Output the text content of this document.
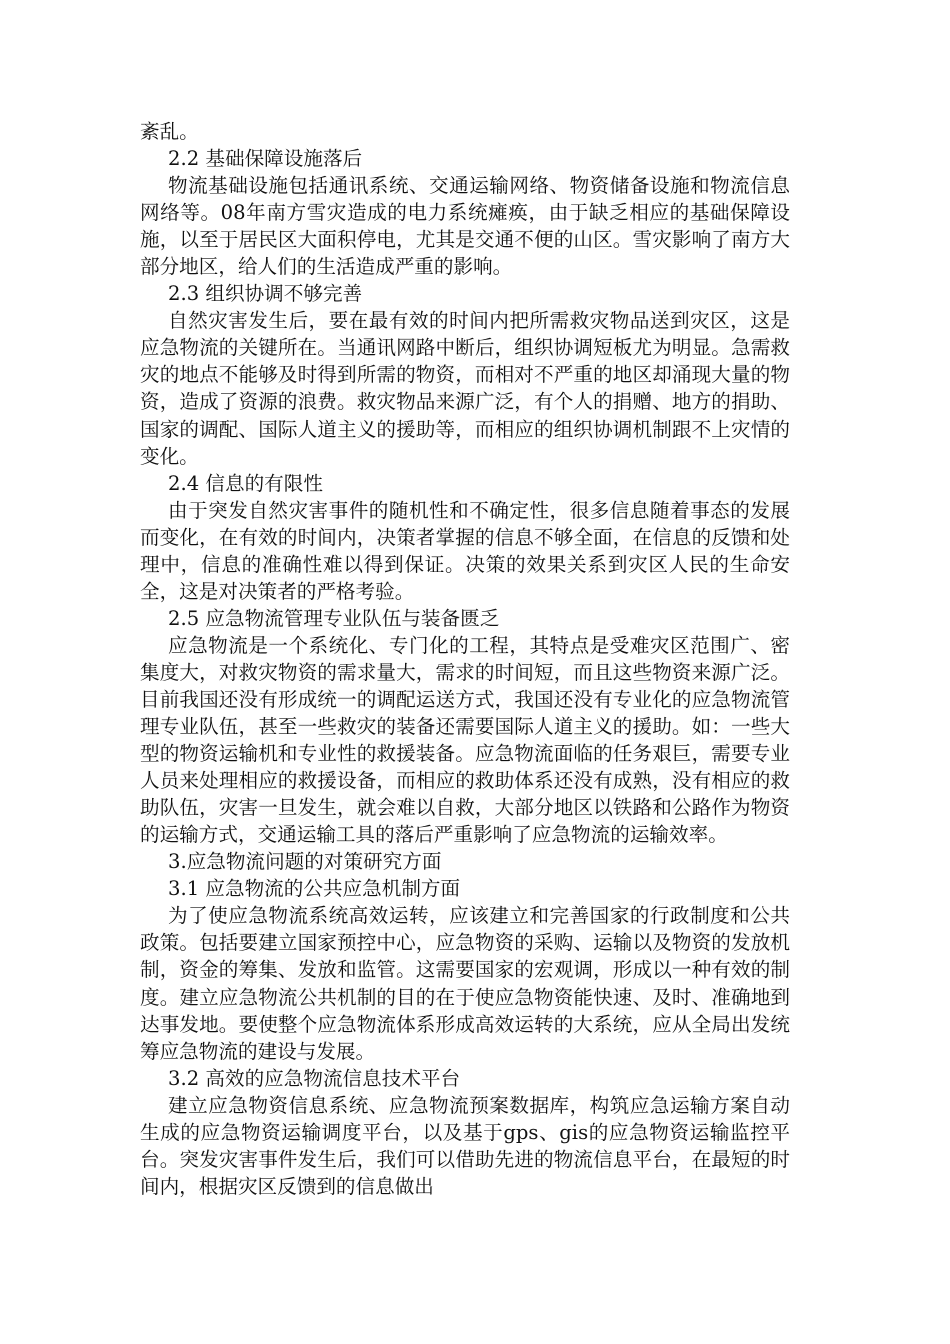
紊乱。

2.2 基础保障设施落后

物流基础设施包括通讯系统、交通运输网络、物资储备设施和物流信息网络等。08年南方雪灾造成的电力系统瘫痪，由于缺乏相应的基础保障设施，以至于居民区大面积停电，尤其是交通不便的山区。雪灾影响了南方大部分地区，给人们的生活造成严重的影响。

2.3 组织协调不够完善

自然灾害发生后，要在最有效的时间内把所需救灾物品送到灾区，这是应急物流的关键所在。当通讯网路中断后，组织协调短板尤为明显。急需救灾的地点不能够及时得到所需的物资，而相对不严重的地区却涌现大量的物资，造成了资源的浪费。救灾物品来源广泛，有个人的捐赠、地方的捐助、国家的调配、国际人道主义的援助等，而相应的组织协调机制跟不上灾情的变化。

2.4 信息的有限性

由于突发自然灾害事件的随机性和不确定性，很多信息随着事态的发展而变化，在有效的时间内，决策者掌握的信息不够全面，在信息的反馈和处理中，信息的准确性难以得到保证。决策的效果关系到灾区人民的生命安全，这是对决策者的严格考验。

2.5 应急物流管理专业队伍与装备匮乏

应急物流是一个系统化、专门化的工程，其特点是受难灾区范围广、密集度大，对救灾物资的需求量大，需求的时间短，而且这些物资来源广泛。目前我国还没有形成统一的调配运送方式，我国还没有专业化的应急物流管理专业队伍，甚至一些救灾的装备还需要国际人道主义的援助。如：一些大型的物资运输机和专业性的救援装备。应急物流面临的任务艰巨，需要专业人员来处理相应的救援设备，而相应的救助体系还没有成熟，没有相应的救助队伍，灾害一旦发生，就会难以自救，大部分地区以铁路和公路作为物资的运输方式，交通运输工具的落后严重影响了应急物流的运输效率。

3.应急物流问题的对策研究方面

3.1 应急物流的公共应急机制方面

为了使应急物流系统高效运转，应该建立和完善国家的行政制度和公共政策。包括要建立国家预控中心，应急物资的采购、运输以及物资的发放机制，资金的筹集、发放和监管。这需要国家的宏观调，形成以一种有效的制度。建立应急物流公共机制的目的在于使应急物资能快速、及时、准确地到达事发地。要使整个应急物流体系形成高效运转的大系统，应从全局出发统筹应急物流的建设与发展。

3.2 高效的应急物流信息技术平台

建立应急物资信息系统、应急物流预案数据库，构筑应急运输方案自动生成的应急物资运输调度平台，以及基于gps、gis的应急物资运输监控平台。突发灾害事件发生后，我们可以借助先进的物流信息平台，在最短的时间内，根据灾区反馈到的信息做出
